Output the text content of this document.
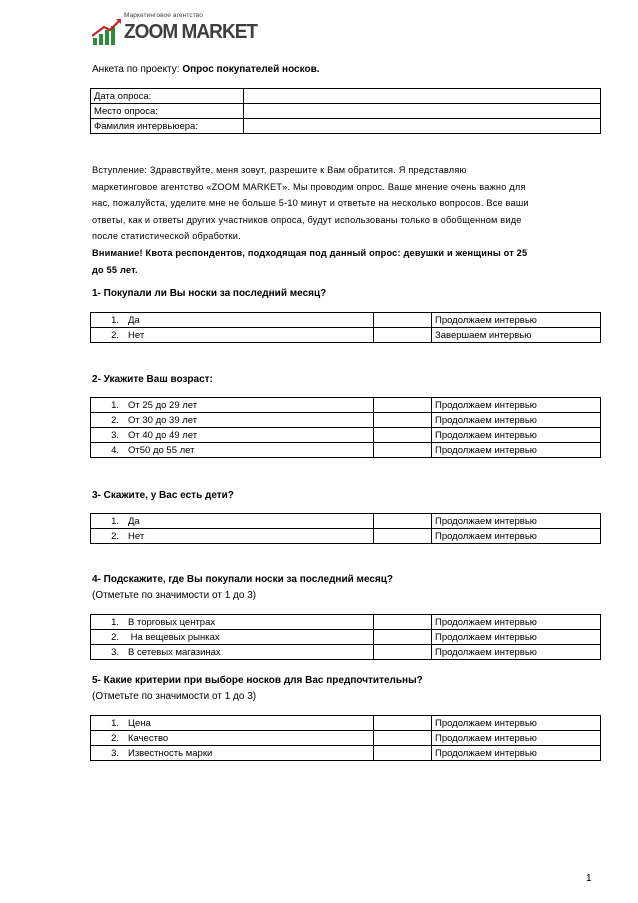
Маркетинговое агентство
ZOOM MARKET
Анкета по проекту: Опрос покупателей носков.
Дата опроса:	
Место опроса:	
Фамилия интервьюера:	

Вступление: Здравствуйте, меня зовут, разрешите к Вам обратится. Я представляю

маркетинговое агентство «ZOOM MARKET». Мы проводим опрос. Ваше мнение очень важно для

нас, пожалуйста, уделите мне не больше 5-10 минут и ответьте на несколько вопросов. Все ваши

ответы, как и ответы других участников опроса, будут использованы только в обобщенном виде

после статистической обработки.

Внимание! Квота респондентов, подходящая под данный опрос: девушки и женщины от 25

до 55 лет.

1- Покупали ли Вы носки за последний месяц?
1. Да		Продолжаем интервью
2. Нет		Завершаем интервью
2- Укажите Ваш возраст:
1. От 25 до 29 лет		Продолжаем интервью
2. От 30 до 39 лет		Продолжаем интервью
3. От 40 до 49 лет		Продолжаем интервью
4. От50 до 55 лет		Продолжаем интервью
3- Скажите, у Вас есть дети?
1. Да		Продолжаем интервью
2. Нет		Продолжаем интервью
4- Подскажите, где Вы покупали носки за последний месяц?
(Отметьте по значимости от 1 до 3)
1. В торговых центрах		Продолжаем интервью
2. На вещевых рынках		Продолжаем интервью
3. В сетевых магазинах		Продолжаем интервью
5- Какие критерии при выборе носков для Вас предпочтительны?
(Отметьте по значимости от 1 до 3)
1. Цена		Продолжаем интервью
2. Качество		Продолжаем интервью
3. Известность марки		Продолжаем интервью
1
